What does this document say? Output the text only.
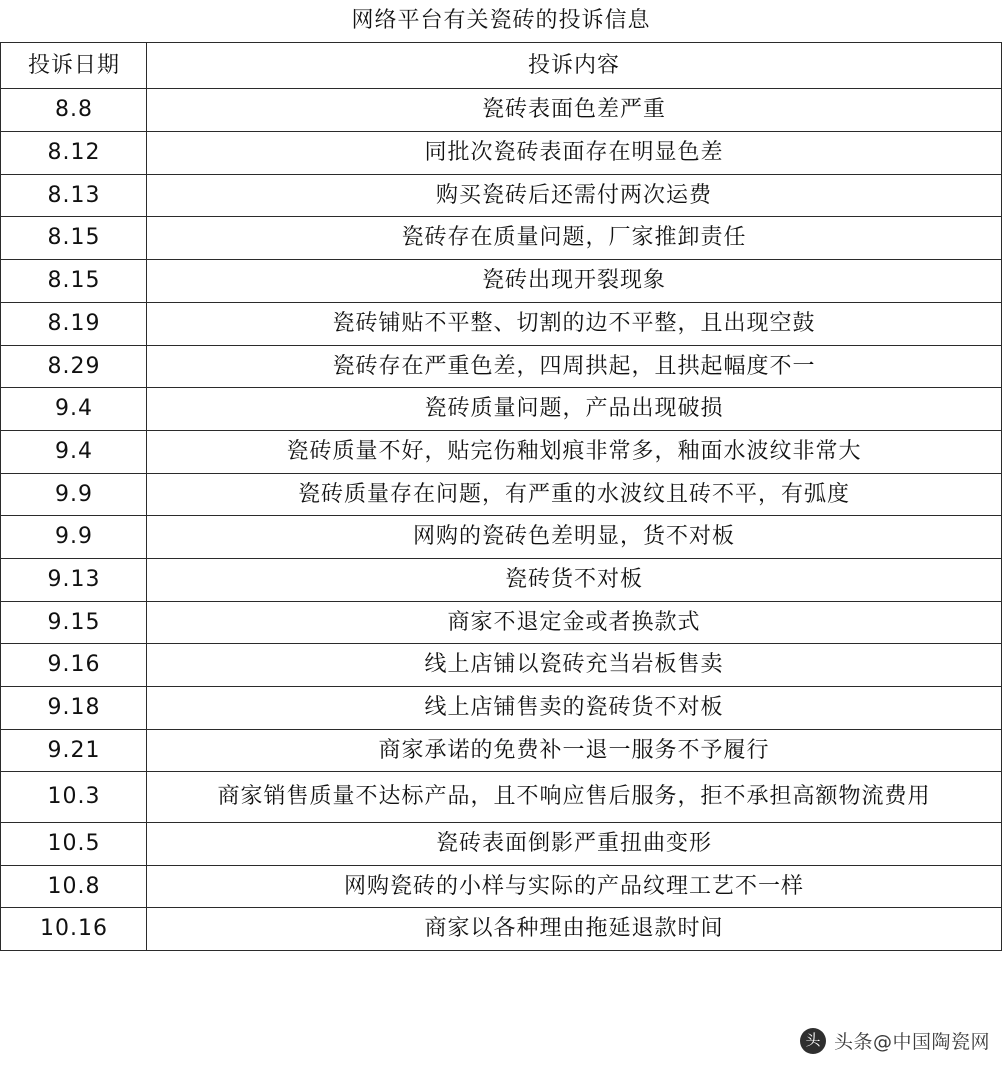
网络平台有关瓷砖的投诉信息	
投诉日期	投诉内容
8.8	瓷砖表面色差严重
8.12	同批次瓷砖表面存在明显色差
8.13	购买瓷砖后还需付两次运费
8.15	瓷砖存在质量问题，厂家推卸责任
8.15	瓷砖出现开裂现象
8.19	瓷砖铺贴不平整、切割的边不平整，且出现空鼓
8.29	瓷砖存在严重色差，四周拱起，且拱起幅度不一
9.4	瓷砖质量问题，产品出现破损
9.4	瓷砖质量不好，贴完伤釉划痕非常多，釉面水波纹非常大
9.9	瓷砖质量存在问题，有严重的水波纹且砖不平，有弧度
9.9	网购的瓷砖色差明显，货不对板
9.13	瓷砖货不对板
9.15	商家不退定金或者换款式
9.16	线上店铺以瓷砖充当岩板售卖
9.18	线上店铺售卖的瓷砖货不对板
9.21	商家承诺的免费补一退一服务不予履行
10.3	商家销售质量不达标产品，且不响应售后服务，拒不承担高额物流费用
10.5	瓷砖表面倒影严重扭曲变形
10.8	网购瓷砖的小样与实际的产品纹理工艺不一样
10.16	商家以各种理由拖延退款时间
头 头条@中国陶瓷网
